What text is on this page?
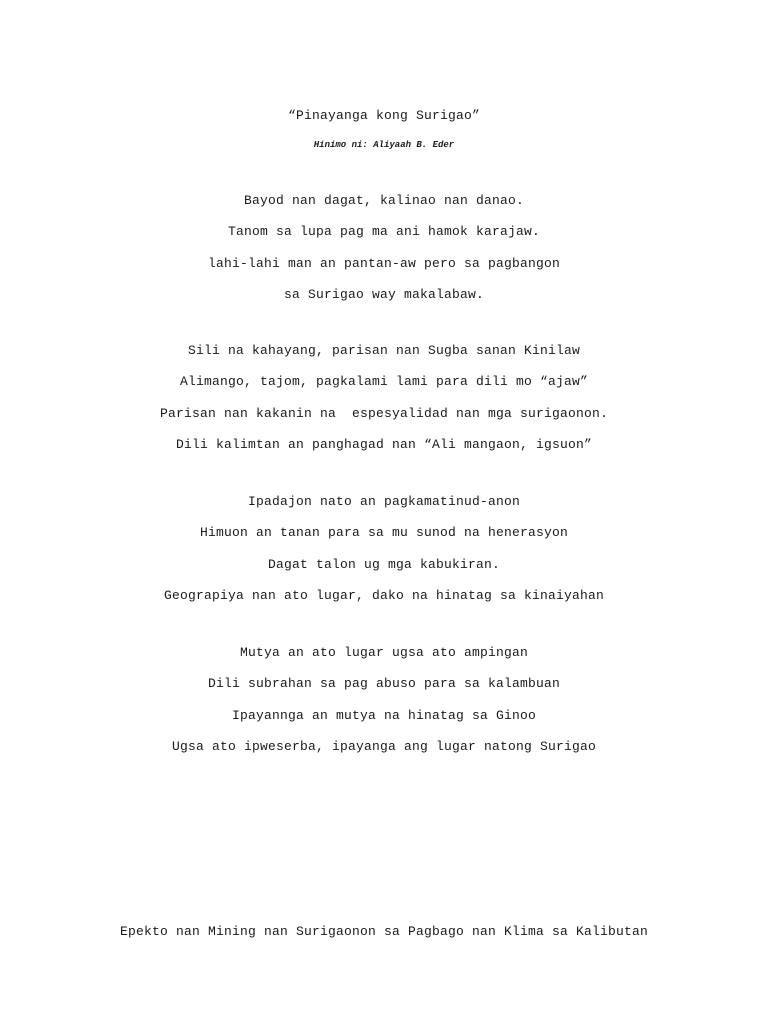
“Pinayanga kong Surigao”
Hinimo ni: Aliyaah B. Eder
Bayod nan dagat, kalinao nan danao.
Tanom sa lupa pag ma ani hamok karajaw.
lahi-lahi man an pantan-aw pero sa pagbangon
sa Surigao way makalabaw.
Sili na kahayang, parisan nan Sugba sanan Kinilaw
Alimango, tajom, pagkalami lami para dili mo “ajaw”
Parisan nan kakanin na  espesyalidad nan mga surigaonon.
Dili kalimtan an panghagad nan “Ali mangaon, igsuon”
Ipadajon nato an pagkamatinud-anon
Himuon an tanan para sa mu sunod na henerasyon
Dagat talon ug mga kabukiran.
Geograpiya nan ato lugar, dako na hinatag sa kinaiyahan
Mutya an ato lugar ugsa ato ampingan
Dili subrahan sa pag abuso para sa kalambuan
Ipayannga an mutya na hinatag sa Ginoo
Ugsa ato ipweserba, ipayanga ang lugar natong Surigao
Epekto nan Mining nan Surigaonon sa Pagbago nan Klima sa Kalibutan
